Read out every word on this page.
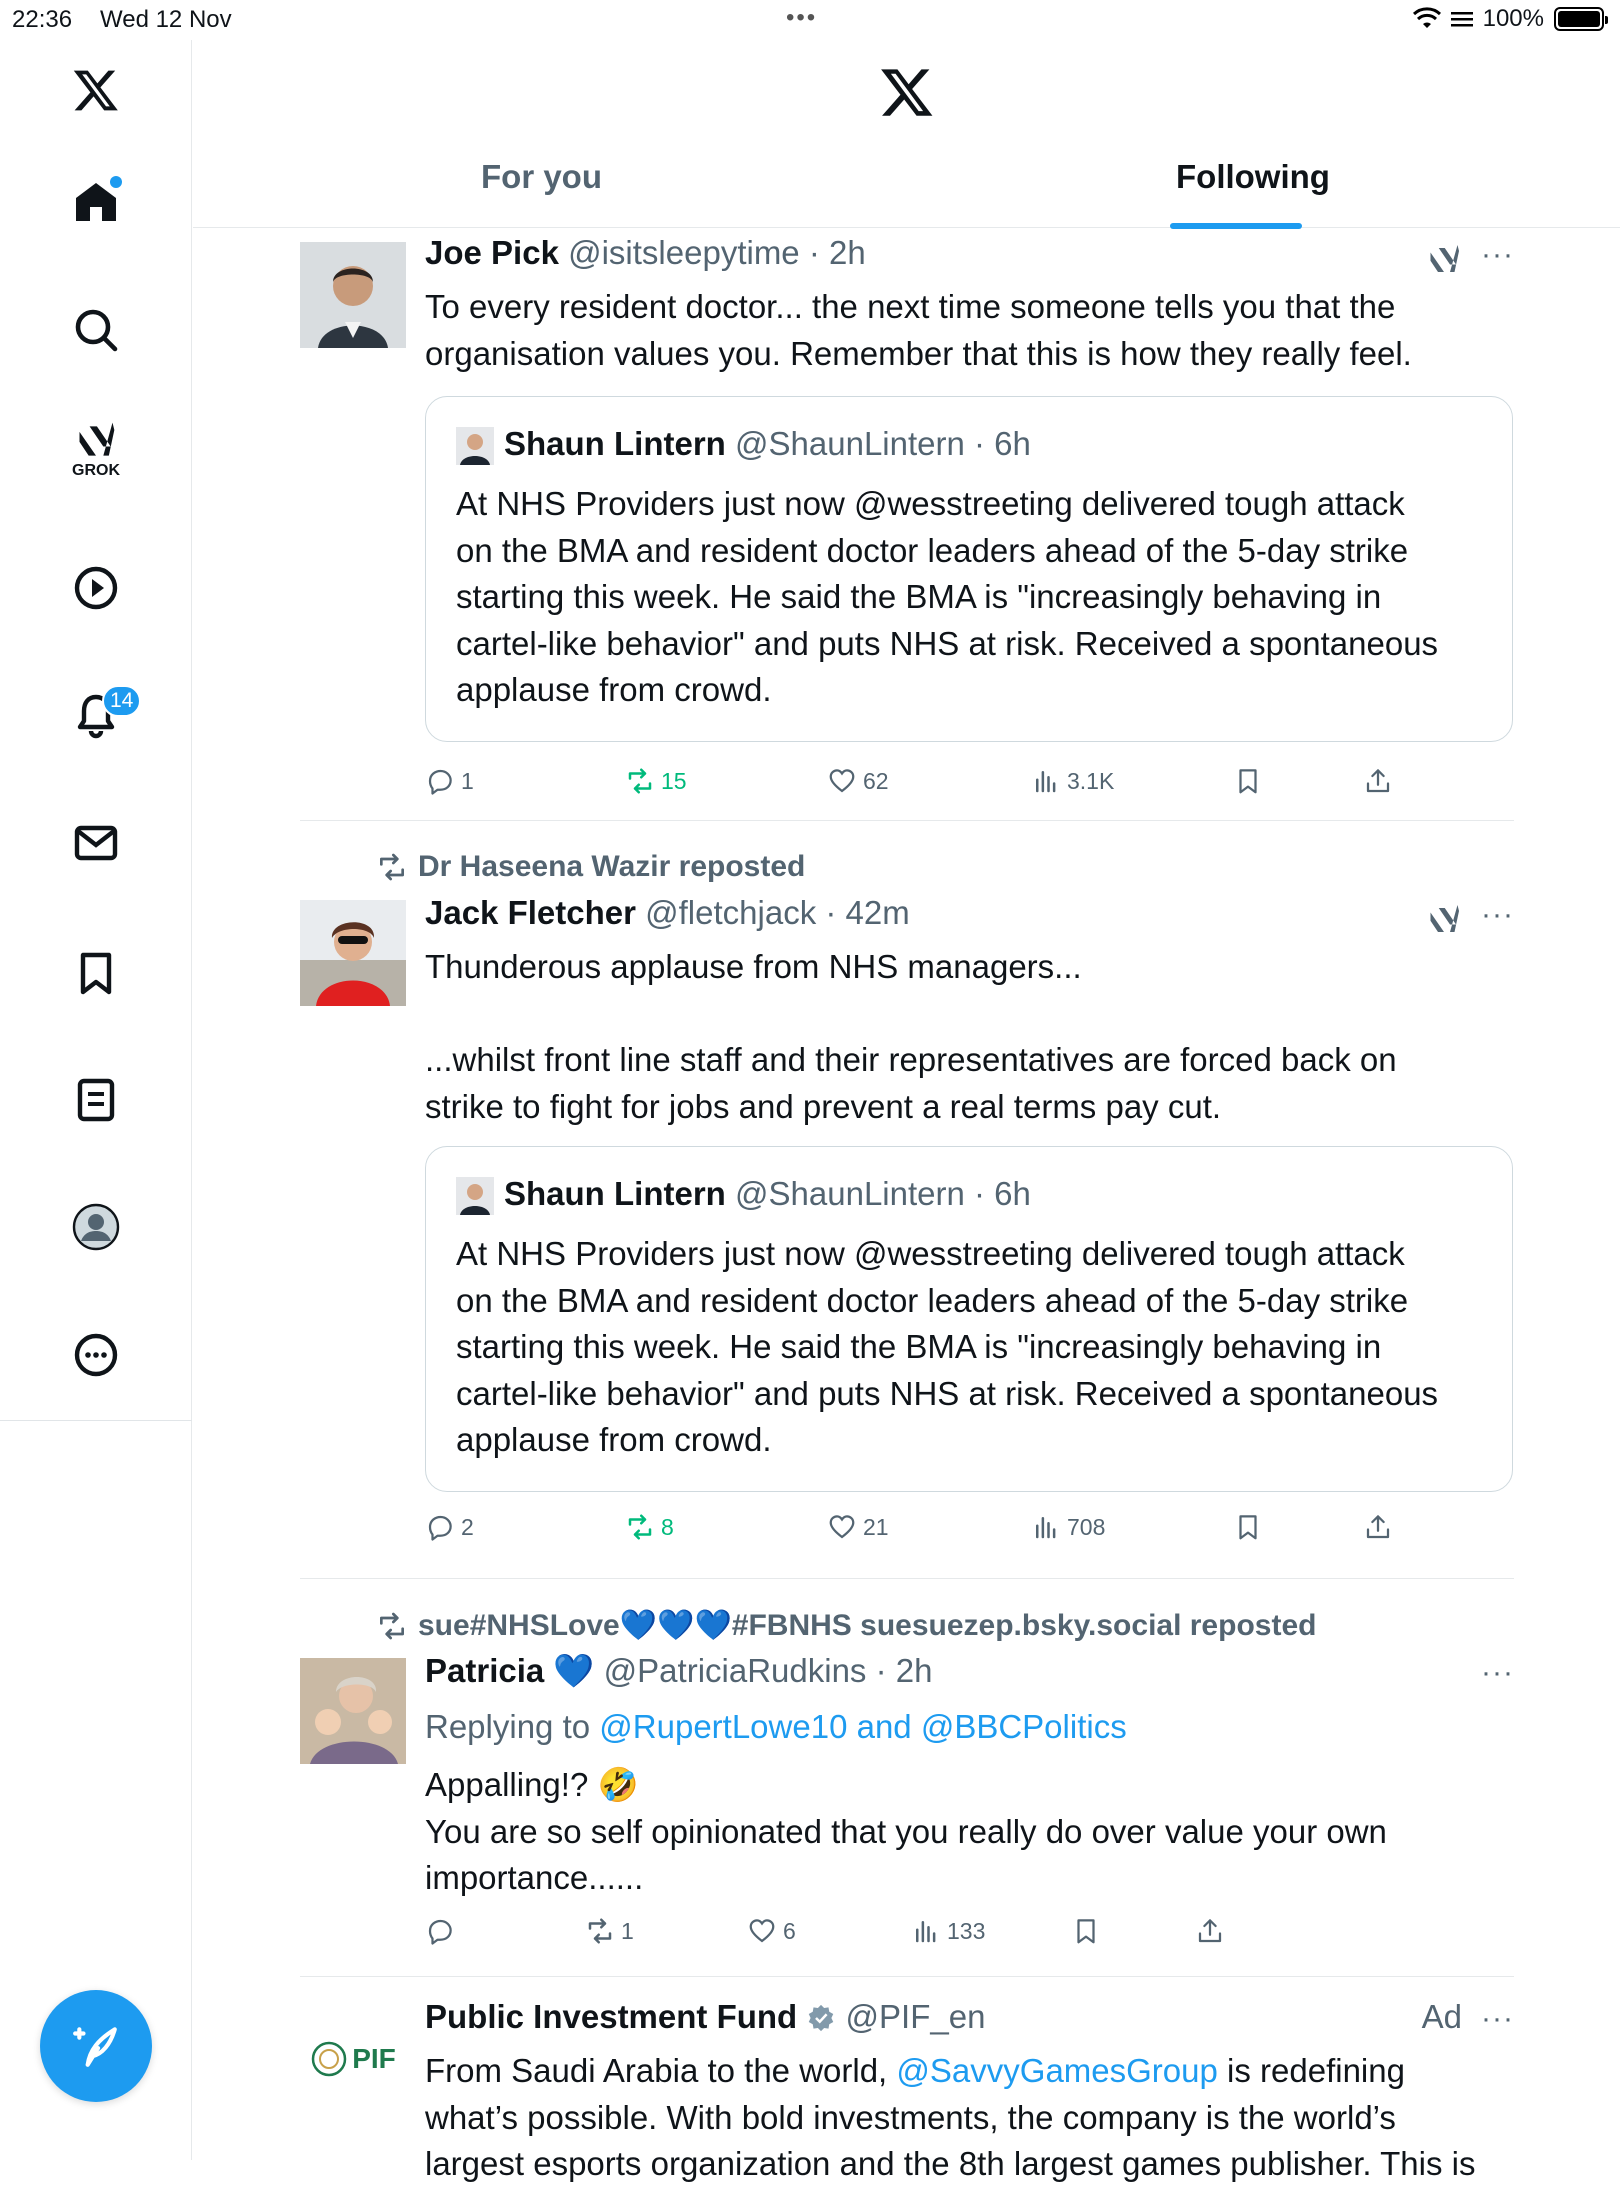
22:36 Wed 12 Nov	•••	100%
GROK
14
For you	Following
Joe Pick @isitsleepytime · 2h	···
To every resident doctor... the next time someone tells you that the
organisation values you. Remember that this is how they really feel.
Shaun Lintern @ShaunLintern · 6h
At NHS Providers just now @wesstreeting delivered tough attack
on the BMA and resident doctor leaders ahead of the 5-day strike
starting this week. He said the BMA is "increasingly behaving in
cartel-like behavior" and puts NHS at risk. Received a spontaneous
applause from crowd.
1	15	62	3.1K
Dr Haseena Wazir reposted
Jack Fletcher @fletchjack · 42m	···
Thunderous applause from NHS managers...
...whilst front line staff and their representatives are forced back on
strike to fight for jobs and prevent a real terms pay cut.
Shaun Lintern @ShaunLintern · 6h
At NHS Providers just now @wesstreeting delivered tough attack
on the BMA and resident doctor leaders ahead of the 5-day strike
starting this week. He said the BMA is "increasingly behaving in
cartel-like behavior" and puts NHS at risk. Received a spontaneous
applause from crowd.
2	8	21	708
sue#NHSLove💙💙💙#FBNHS suesuezep.bsky.social reposted
Patricia 💙 @PatriciaRudkins · 2h	···
Replying to @RupertLowe10 and @BBCPolitics
Appalling!? 🤣
You are so self opinionated that you really do over value your own
importance......
1	6	133
PIF
Public Investment Fund @PIF_en	Ad ···
From Saudi Arabia to the world, @SavvyGamesGroup is redefining
what’s possible. With bold investments, the company is the world’s
largest esports organization and the 8th largest games publisher. This is
